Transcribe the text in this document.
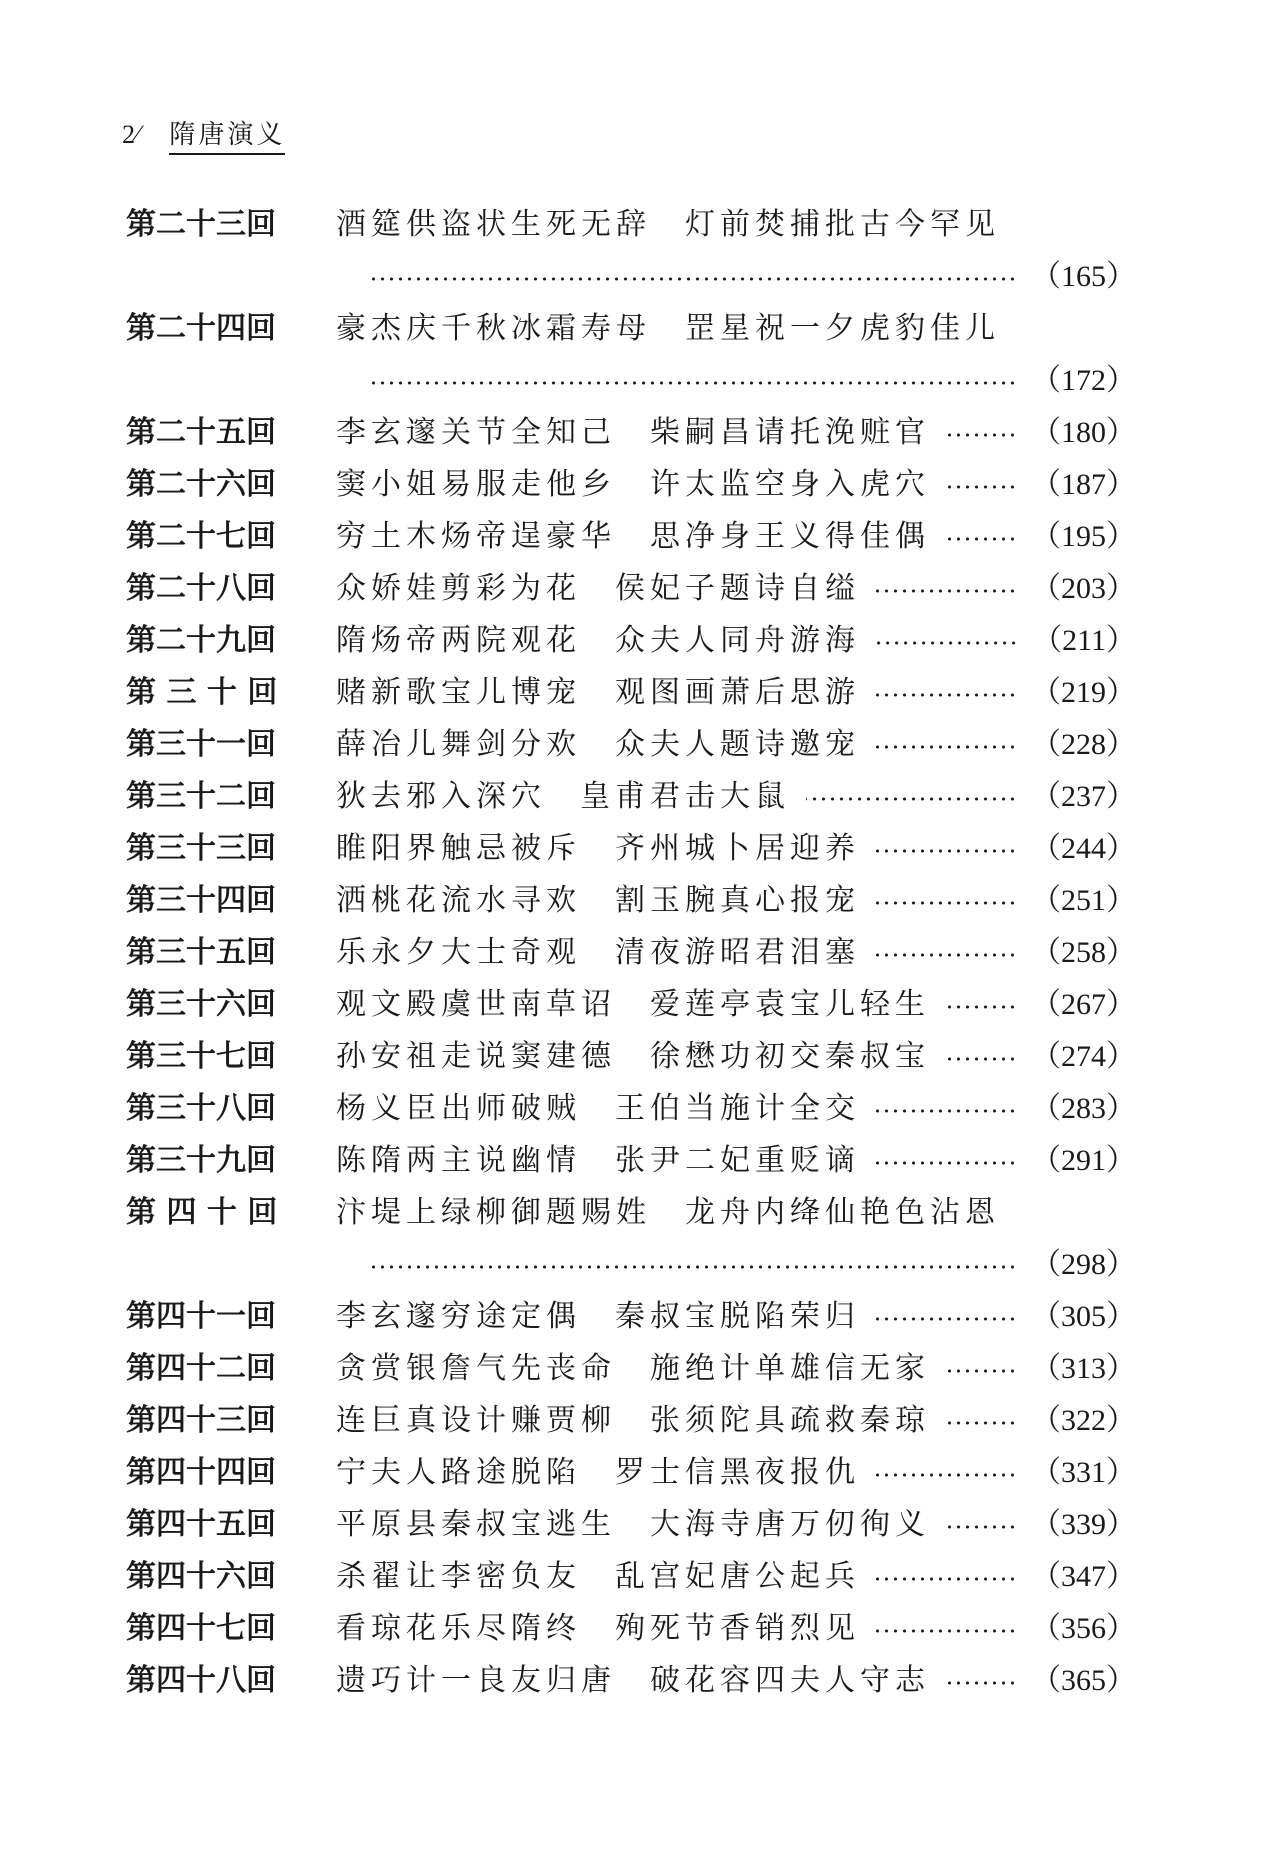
2⁄ 隋唐演义
第二十三回	酒筵供盗状生死无辞 灯前焚捕批古今罕见
（165）
第二十四回	豪杰庆千秋冰霜寿母 罡星祝一夕虎豹佳儿
（172）
第二十五回	李玄邃关节全知己 柴嗣昌请托浼赃官	（180）
第二十六回	窦小姐易服走他乡 许太监空身入虎穴	（187）
第二十七回	穷土木炀帝逞豪华 思净身王义得佳偶	（195）
第二十八回	众娇娃剪彩为花 侯妃子题诗自缢	（203）
第二十九回	隋炀帝两院观花 众夫人同舟游海	（211）
第 三 十 回	赌新歌宝儿博宠 观图画萧后思游	（219）
第三十一回	薛冶儿舞剑分欢 众夫人题诗邀宠	（228）
第三十二回	狄去邪入深穴 皇甫君击大鼠	（237）
第三十三回	睢阳界触忌被斥 齐州城卜居迎养	（244）
第三十四回	洒桃花流水寻欢 割玉腕真心报宠	（251）
第三十五回	乐永夕大士奇观 清夜游昭君泪塞	（258）
第三十六回	观文殿虞世南草诏 爱莲亭袁宝儿轻生	（267）
第三十七回	孙安祖走说窦建德 徐懋功初交秦叔宝	（274）
第三十八回	杨义臣出师破贼 王伯当施计全交	（283）
第三十九回	陈隋两主说幽情 张尹二妃重贬谪	（291）
第 四 十 回	汴堤上绿柳御题赐姓 龙舟内绛仙艳色沾恩
（298）
第四十一回	李玄邃穷途定偶 秦叔宝脱陷荣归	（305）
第四十二回	贪赏银詹气先丧命 施绝计单雄信无家	（313）
第四十三回	连巨真设计赚贾柳 张须陀具疏救秦琼	（322）
第四十四回	宁夫人路途脱陷 罗士信黑夜报仇	（331）
第四十五回	平原县秦叔宝逃生 大海寺唐万仞徇义	（339）
第四十六回	杀翟让李密负友 乱宫妃唐公起兵	（347）
第四十七回	看琼花乐尽隋终 殉死节香销烈见	（356）
第四十八回	遗巧计一良友归唐 破花容四夫人守志	（365）
